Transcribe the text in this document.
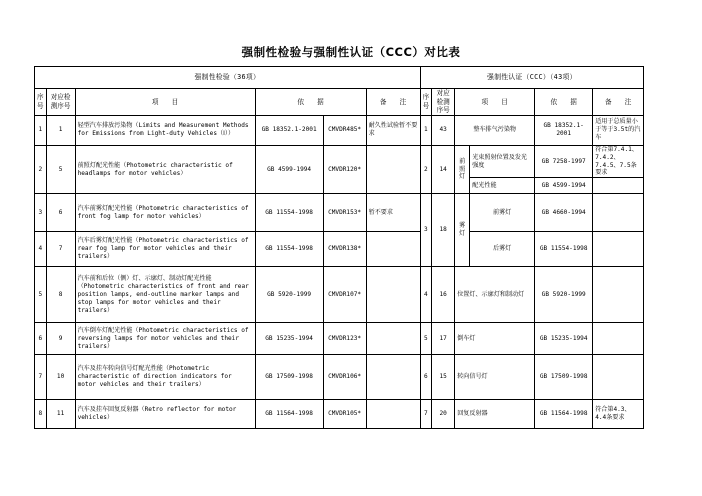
强制性检验与强制性认证（CCC）对比表
强制性检验（36项）						强制性认证（CCC）（43项）					
序号	对应检测序号	项　　目	依　　据		备　　注	序号	对应检测序号	项　　目		依　　据	备　　注
1	1	轻型汽车排放污染物（Limits and Measurement Methods for Emissions from Light-duty Vehicles（Ⅰ））	GB 18352.1-2001	CMVDR485*	耐久性试验暂不要求	1	43	整车排气污染物		GB 18352.1-2001	适用于总质量小于等于3.5t的汽车
2	5	前照灯配光性能（Photometric characteristic of headlamps for motor vehicles）	GB 4599-1994	CMVDR120*		2	14	前照灯	光束照射位置及发光强度	GB 7258-1997	符合第7.4.1、7.4.2、7.4.5、7.5条要求
									配光性能	GB 4599-1994	
3	6	汽车前雾灯配光性能（Photometric characteristics of front fog lamp for motor vehicles）	GB 11554-1998	CMVDR153*	暂不要求	3	18	雾灯	前雾灯	GB 4660-1994	
4	7	汽车后雾灯配光性能（Photometric characteristics of rear fog lamp for motor vehicles and their trailers）	GB 11554-1998	CMVDR138*					后雾灯	GB 11554-1998	
5	8	汽车前和后位（侧）灯、示廓灯、制动灯配光性能（Photometric characteristics of front and rear position lamps, end-outline marker lamps and stop lamps for motor vehicles and their trailers）	GB 5920-1999	CMVDR107*		4	16	位置灯、示廓灯和制动灯		GB 5920-1999	
6	9	汽车倒车灯配光性能（Photometric characteristics of reversing lamps for motor vehicles and their trailers）	GB 15235-1994	CMVDR123*		5	17	倒车灯		GB 15235-1994	
7	10	汽车及挂车转向信号灯配光性能（Photometric characteristic of direction indicators for motor vehicles and their trailers）	GB 17509-1998	CMVDR106*		6	15	转向信号灯		GB 17509-1998	
8	11	汽车及挂车回复反射器（Retro reflector for motor vehicles）	GB 11564-1998	CMVDR105*		7	20	回复反射器		GB 11564-1998	符合第4.3、4.4条要求
